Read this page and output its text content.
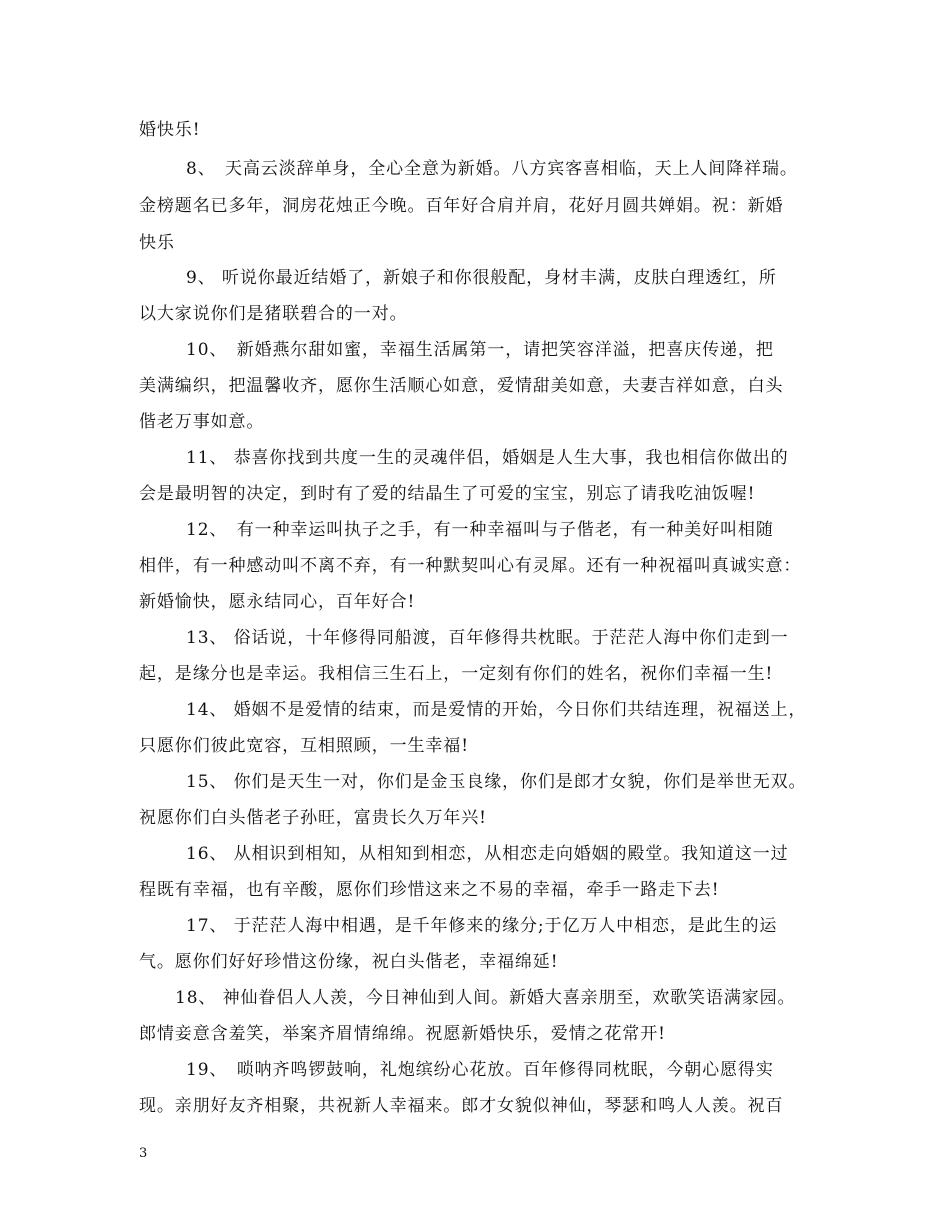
婚快乐!
8、　天高云淡辞单身，全心全意为新婚。八方宾客喜相临，天上人间降祥瑞。
金榜题名已多年，洞房花烛正今晚。百年好合肩并肩，花好月圆共婵娟。祝：新婚
快乐
9、 听说你最近结婚了，新娘子和你很般配，身材丰满，皮肤白理透红，所
以大家说你们是猪联碧合的一对。
10、　新婚燕尔甜如蜜，幸福生活属第一，请把笑容洋溢，把喜庆传递，把
美满编织，把温馨收齐，愿你生活顺心如意，爱情甜美如意，夫妻吉祥如意，白头
偕老万事如意。
11、 恭喜你找到共度一生的灵魂伴侣，婚姻是人生大事，我也相信你做出的
会是最明智的决定，到时有了爱的结晶生了可爱的宝宝，别忘了请我吃油饭喔!
12、　有一种幸运叫执子之手，有一种幸福叫与子偕老，有一种美好叫相随
相伴，有一种感动叫不离不弃，有一种默契叫心有灵犀。还有一种祝福叫真诚实意：
新婚愉快，愿永结同心，百年好合!
13、 俗话说，十年修得同船渡，百年修得共枕眠。于茫茫人海中你们走到一
起，是缘分也是幸运。我相信三生石上，一定刻有你们的姓名，祝你们幸福一生!
14、 婚姻不是爱情的结束，而是爱情的开始，今日你们共结连理，祝福送上，
只愿你们彼此宽容，互相照顾，一生幸福!
15、 你们是天生一对，你们是金玉良缘，你们是郎才女貌，你们是举世无双。
祝愿你们白头偕老子孙旺，富贵长久万年兴!
16、 从相识到相知，从相知到相恋，从相恋走向婚姻的殿堂。我知道这一过
程既有幸福，也有辛酸，愿你们珍惜这来之不易的幸福，牵手一路走下去!
17、 于茫茫人海中相遇，是千年修来的缘分;于亿万人中相恋，是此生的运
气。愿你们好好珍惜这份缘，祝白头偕老，幸福绵延!
18、 神仙眷侣人人羡，今日神仙到人间。新婚大喜亲朋至，欢歌笑语满家园。
郎情妾意含羞笑，举案齐眉情绵绵。祝愿新婚快乐，爱情之花常开!
19、　唢呐齐鸣锣鼓响，礼炮缤纷心花放。百年修得同枕眠，今朝心愿得实
现。亲朋好友齐相聚，共祝新人幸福来。郎才女貌似神仙，琴瑟和鸣人人羡。祝百
3
